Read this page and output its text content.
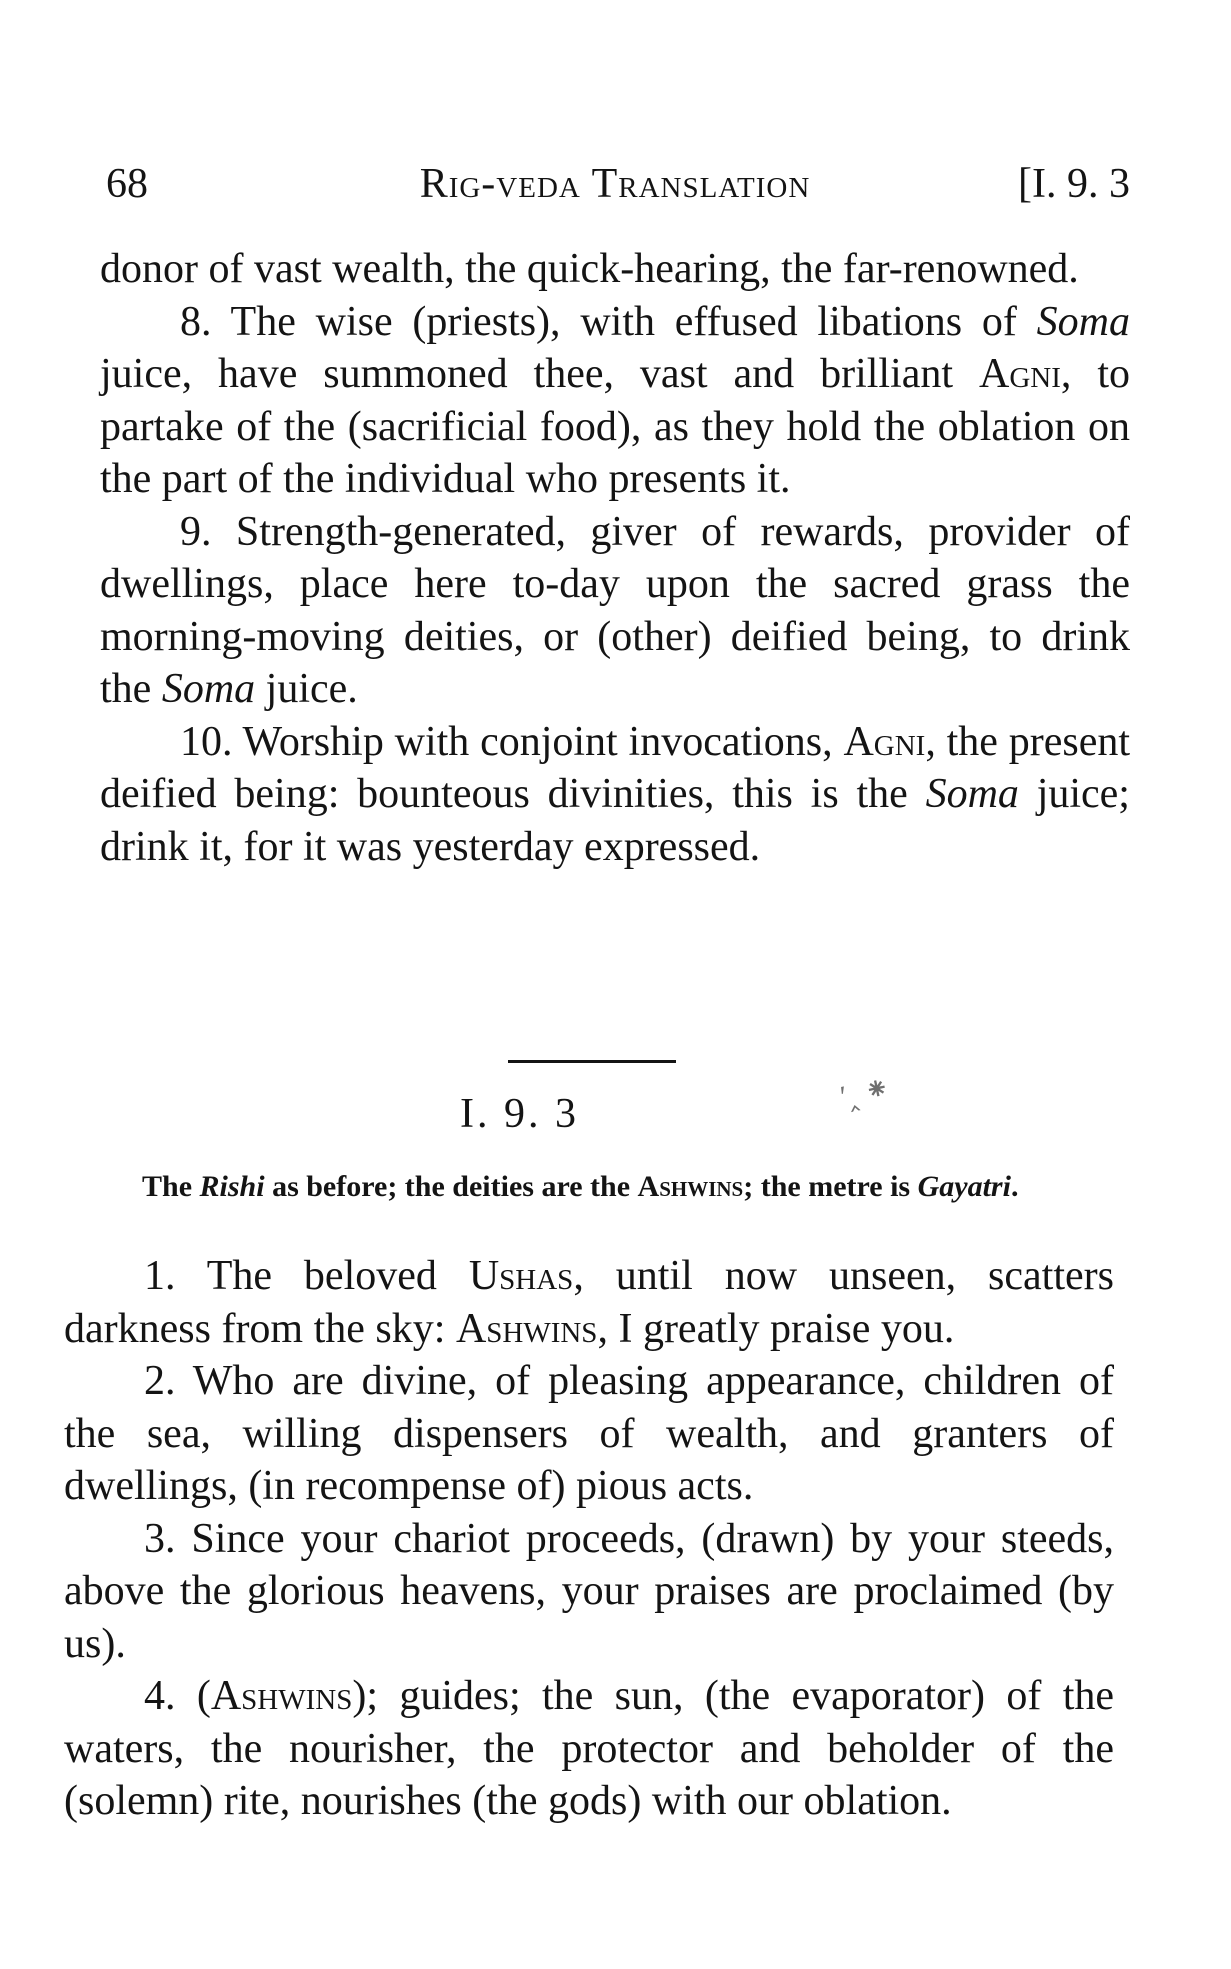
68	Rig-veda Translation	[I. 9. 3

donor of vast wealth, the quick-hearing, the far-renowned.

8. The wise (priests), with effused libations of Soma juice, have summoned thee, vast and brilliant Agni, to partake of the (sacrificial food), as they hold the oblation on the part of the individual who presents it.

9. Strength-generated, giver of rewards, provider of dwellings, place here to-day upon the sacred grass the morning-moving deities, or (other) deified being, to drink the Soma juice.

10. Worship with conjoint invocations, Agni, the present deified being: bounteous divinities, this is the Soma juice; drink it, for it was yesterday expressed.

I. 9. 3	 ′‸ ⁕

The Rishi as before; the deities are the Ashwins; the metre is Gayatri.

1. The beloved Ushas, until now unseen, scatters darkness from the sky: Ashwins, I greatly praise you.

2. Who are divine, of pleasing appearance, children of the sea, willing dispensers of wealth, and granters of dwellings, (in recompense of) pious acts.

3. Since your chariot proceeds, (drawn) by your steeds, above the glorious heavens, your praises are proclaimed (by us).

4. (Ashwins); guides; the sun, (the evaporator) of the waters, the nourisher, the protector and beholder of the (solemn) rite, nourishes (the gods) with our oblation.
